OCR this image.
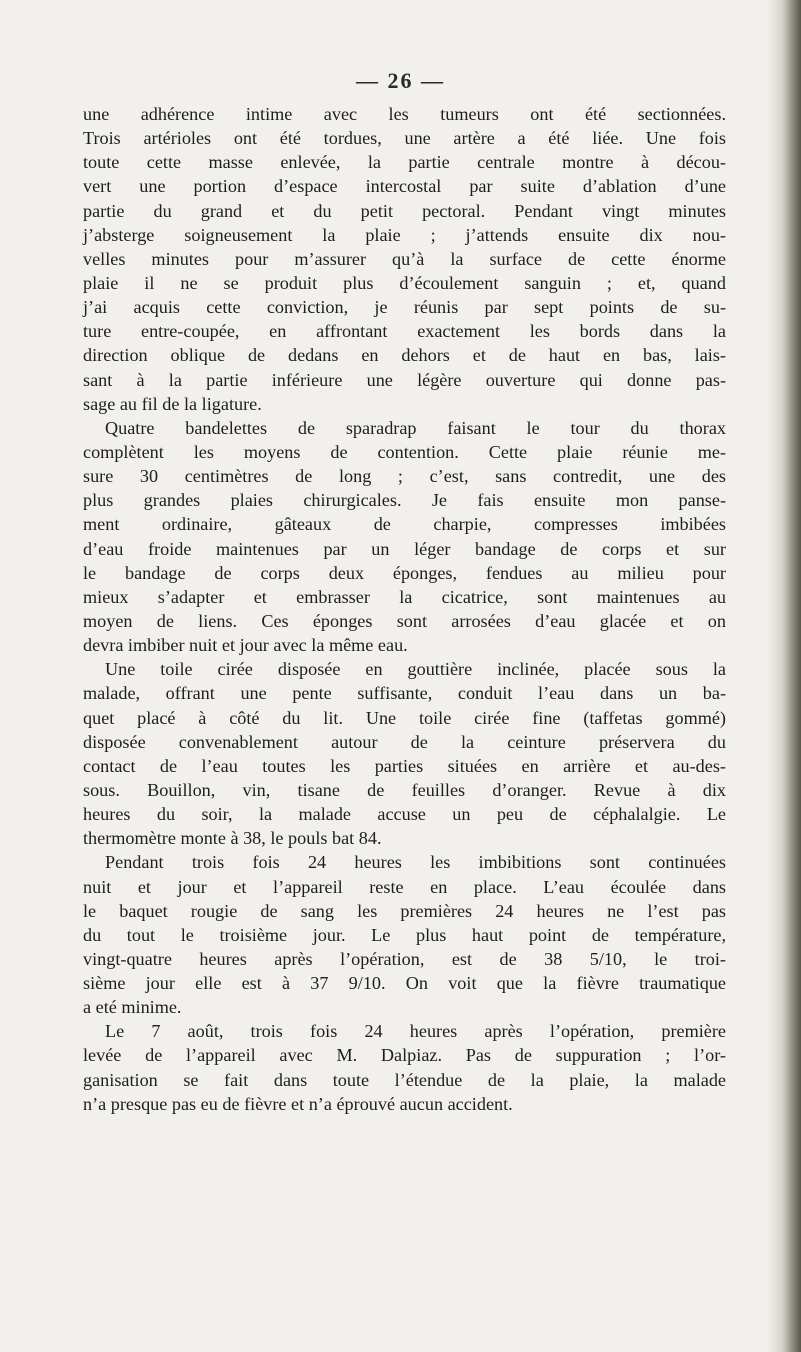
— 26 —
une adhérence intime avec les tumeurs ont été sectionnées.
Trois artérioles ont été tordues, une artère a été liée. Une fois
toute cette masse enlevée, la partie centrale montre à décou-
vert une portion d’espace intercostal par suite d’ablation d’une
partie du grand et du petit pectoral. Pendant vingt minutes
j’absterge soigneusement la plaie ; j’attends ensuite dix nou-
velles minutes pour m’assurer qu’à la surface de cette énorme
plaie il ne se produit plus d’écoulement sanguin ; et, quand
j’ai acquis cette conviction, je réunis par sept points de su-
ture entre-coupée, en affrontant exactement les bords dans la
direction oblique de dedans en dehors et de haut en bas, lais-
sant à la partie inférieure une légère ouverture qui donne pas-
sage au fil de la ligature.
Quatre bandelettes de sparadrap faisant le tour du thorax
complètent les moyens de contention. Cette plaie réunie me-
sure 30 centimètres de long ; c’est, sans contredit, une des
plus grandes plaies chirurgicales. Je fais ensuite mon panse-
ment ordinaire, gâteaux de charpie, compresses imbibées
d’eau froide maintenues par un léger bandage de corps et sur
le bandage de corps deux éponges, fendues au milieu pour
mieux s’adapter et embrasser la cicatrice, sont maintenues au
moyen de liens. Ces éponges sont arrosées d’eau glacée et on
devra imbiber nuit et jour avec la même eau.
Une toile cirée disposée en gouttière inclinée, placée sous la
malade, offrant une pente suffisante, conduit l’eau dans un ba-
quet placé à côté du lit. Une toile cirée fine (taffetas gommé)
disposée convenablement autour de la ceinture préservera du
contact de l’eau toutes les parties situées en arrière et au-des-
sous. Bouillon, vin, tisane de feuilles d’oranger. Revue à dix
heures du soir, la malade accuse un peu de céphalalgie. Le
thermomètre monte à 38, le pouls bat 84.
Pendant trois fois 24 heures les imbibitions sont continuées
nuit et jour et l’appareil reste en place. L’eau écoulée dans
le baquet rougie de sang les premières 24 heures ne l’est pas
du tout le troisième jour. Le plus haut point de température,
vingt-quatre heures après l’opération, est de 38 5/10, le troi-
sième jour elle est à 37 9/10. On voit que la fièvre traumatique
a eté minime.
Le 7 août, trois fois 24 heures après l’opération, première
levée de l’appareil avec M. Dalpiaz. Pas de suppuration ; l’or-
ganisation se fait dans toute l’étendue de la plaie, la malade
n’a presque pas eu de fièvre et n’a éprouvé aucun accident.
